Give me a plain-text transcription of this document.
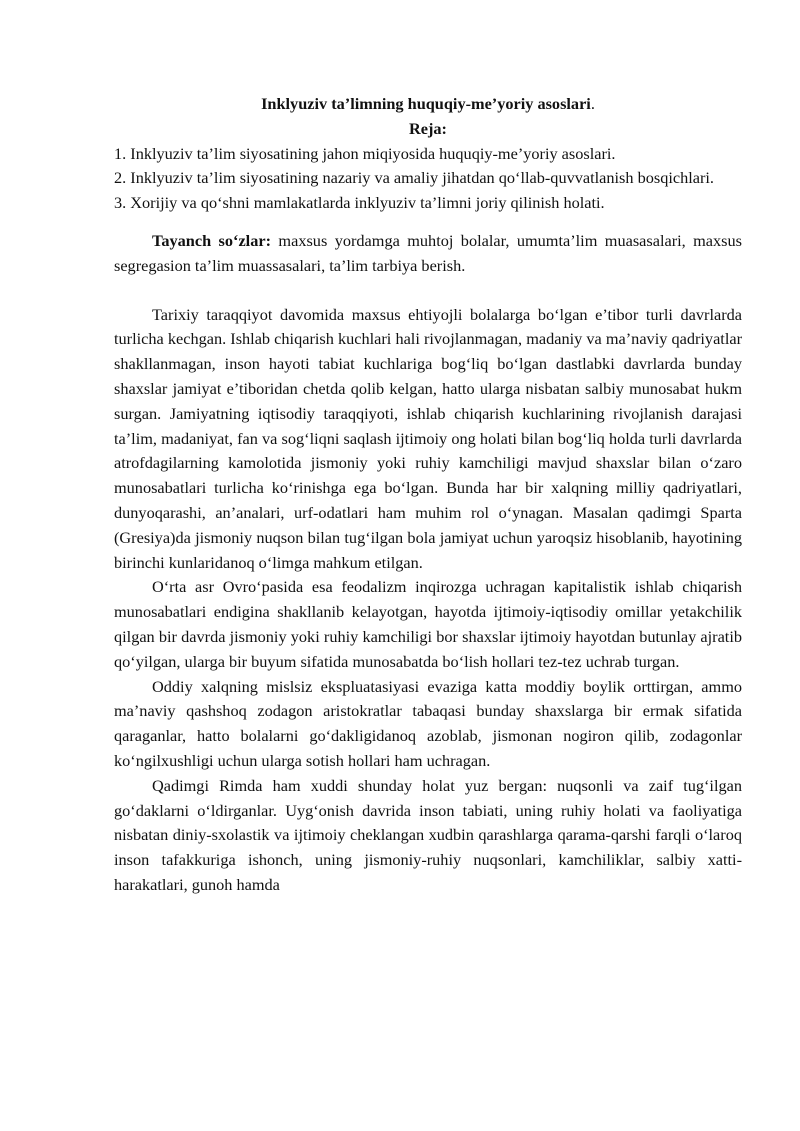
Inklyuziv ta’limning huquqiy-me’yoriy asoslari.

Reja:

1. Inklyuziv ta’lim siyosatining jahon miqiyosida huquqiy-me’yoriy asoslari.

2. Inklyuziv ta’lim siyosatining nazariy va amaliy jihatdan qo‘llab-quvvatlanish bosqichlari.

3. Xorijiy va qo‘shni mamlakatlarda inklyuziv ta’limni joriy qilinish holati.

Tayanch so‘zlar: maxsus yordamga muhtoj bolalar, umumta’lim muasasalari, maxsus segregasion ta’lim muassasalari, ta’lim tarbiya berish.

Tarixiy taraqqiyot davomida maxsus ehtiyojli bolalarga bo‘lgan e’tibor turli davrlarda turlicha kechgan. Ishlab chiqarish kuchlari hali rivojlanmagan, madaniy va ma’naviy qadriyatlar shakllanmagan, inson hayoti tabiat kuchlariga bog‘liq bo‘lgan dastlabki davrlarda bunday shaxslar jamiyat e’tiboridan chetda qolib kelgan, hatto ularga nisbatan salbiy munosabat hukm surgan. Jamiyatning iqtisodiy taraqqiyoti, ishlab chiqarish kuchlarining rivojlanish darajasi ta’lim, madaniyat, fan va sog‘liqni saqlash ijtimoiy ong holati bilan bog‘liq holda turli davrlarda atrofdagilarning kamolotida jismoniy yoki ruhiy kamchiligi mavjud shaxslar bilan o‘zaro munosabatlari turlicha ko‘rinishga ega bo‘lgan. Bunda har bir xalqning milliy qadriyatlari, dunyoqarashi, an’analari, urf-odatlari ham muhim rol o‘ynagan. Masalan qadimgi Sparta (Gresiya)da jismoniy nuqson bilan tug‘ilgan bola jamiyat uchun yaroqsiz hisoblanib, hayotining birinchi kunlaridanoq o‘limga mahkum etilgan.

O‘rta asr Ovro‘pasida esa feodalizm inqirozga uchragan kapitalistik ishlab chiqarish munosabatlari endigina shakllanib kelayotgan, hayotda ijtimoiy-iqtisodiy omillar yetakchilik qilgan bir davrda jismoniy yoki ruhiy kamchiligi bor shaxslar ijtimoiy hayotdan butunlay ajratib qo‘yilgan, ularga bir buyum sifatida munosabatda bo‘lish hollari tez-tez uchrab turgan.

Oddiy xalqning mislsiz ekspluatasiyasi evaziga katta moddiy boylik orttirgan, ammo ma’naviy qashshoq zodagon aristokratlar tabaqasi bunday shaxslarga bir ermak sifatida qaraganlar, hatto bolalarni go‘dakligidanoq azoblab, jismonan nogiron qilib, zodagonlar ko‘ngilxushligi uchun ularga sotish hollari ham uchragan.

Qadimgi Rimda ham xuddi shunday holat yuz bergan: nuqsonli va zaif tug‘ilgan go‘daklarni o‘ldirganlar. Uyg‘onish davrida inson tabiati, uning ruhiy holati va faoliyatiga nisbatan diniy-sxolastik va ijtimoiy cheklangan xudbin qarashlarga qarama-qarshi farqli o‘laroq inson tafakkuriga ishonch, uning jismoniy-ruhiy nuqsonlari, kamchiliklar, salbiy xatti-harakatlari, gunoh hamda
